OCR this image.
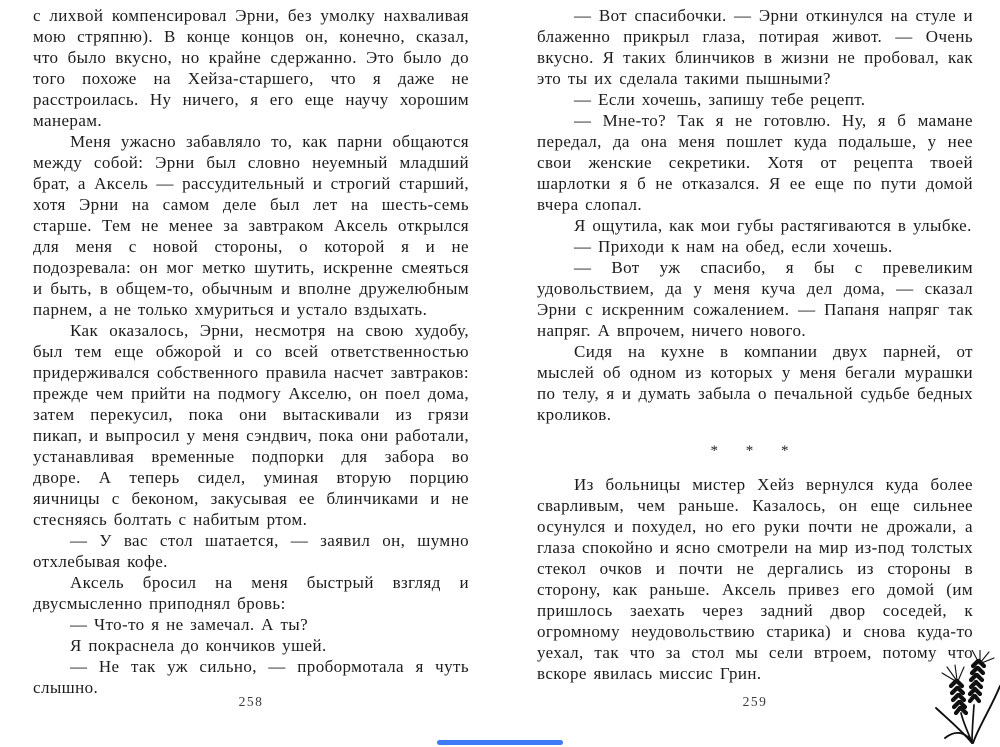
с лихвой компенсировал Эрни, без умолку нахваливая мою стряпню). В конце концов он, конечно, сказал, что было вкусно, но крайне сдержанно. Это было до того похоже на Хейза-старшего, что я даже не расстроилась. Ну ничего, я его еще научу хорошим манерам.

Меня ужасно забавляло то, как парни общаются между собой: Эрни был словно неуемный младший брат, а Аксель — рассудительный и строгий старший, хотя Эрни на самом деле был лет на шесть-семь старше. Тем не менее за завтраком Аксель открылся для меня с новой стороны, о которой я и не подозревала: он мог метко шутить, искренне смеяться и быть, в общем-то, обычным и вполне дружелюбным парнем, а не только хмуриться и устало вздыхать.

Как оказалось, Эрни, несмотря на свою худобу, был тем еще обжорой и со всей ответственностью придерживался собственного правила насчет завтраков: прежде чем прийти на подмогу Акселю, он поел дома, затем перекусил, пока они вытаскивали из грязи пикап, и выпросил у меня сэндвич, пока они работали, устанавливая временные подпорки для забора во дворе. А теперь сидел, уминая вторую порцию яичницы с беконом, закусывая ее блинчиками и не стесняясь болтать с набитым ртом.

— У вас стол шатается, — заявил он, шумно отхлебывая кофе.

Аксель бросил на меня быстрый взгляд и двусмысленно приподнял бровь:

— Что-то я не замечал. А ты?

Я покраснела до кончиков ушей.

— Не так уж сильно, — пробормотала я чуть слышно.

258

— Вот спасибочки. — Эрни откинулся на стуле и блаженно прикрыл глаза, потирая живот. — Очень вкусно. Я таких блинчиков в жизни не пробовал, как это ты их сделала такими пышными?

— Если хочешь, запишу тебе рецепт.

— Мне-то? Так я не готовлю. Ну, я б мамане передал, да она меня пошлет куда подальше, у нее свои женские секретики. Хотя от рецепта твоей шарлотки я б не отказался. Я ее еще по пути домой вчера слопал.

Я ощутила, как мои губы растягиваются в улыбке.

— Приходи к нам на обед, если хочешь.

— Вот уж спасибо, я бы с превеликим удовольствием, да у меня куча дел дома, — сказал Эрни с искренним сожалением. — Папаня напряг так напряг. А впрочем, ничего нового.

Сидя на кухне в компании двух парней, от мыслей об одном из которых у меня бегали мурашки по телу, я и думать забыла о печальной судьбе бедных кроликов.

* * *

Из больницы мистер Хейз вернулся куда более сварливым, чем раньше. Казалось, он еще сильнее осунулся и похудел, но его руки почти не дрожали, а глаза спокойно и ясно смотрели на мир из-под толстых стекол очков и почти не дергались из стороны в сторону, как раньше. Аксель привез его домой (им пришлось заехать через задний двор соседей, к огромному неудовольствию старика) и снова куда-то уехал, так что за стол мы сели втроем, потому что вскоре явилась миссис Грин.

259
